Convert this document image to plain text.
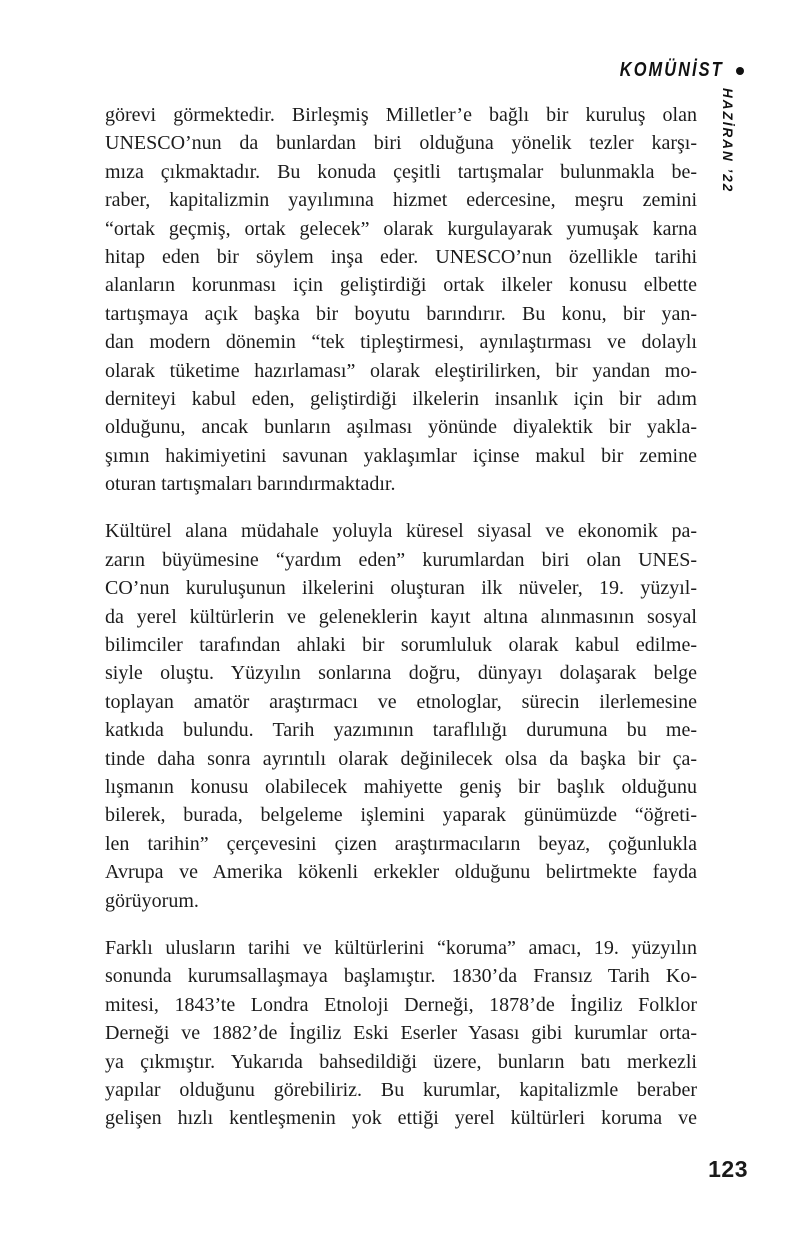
KOMÜNİST
HAZİRAN ’22
görevi görmektedir. Birleşmiş Milletler’e bağlı bir kuruluş olan
UNESCO’nun da bunlardan biri olduğuna yönelik tezler karşı-
mıza çıkmaktadır. Bu konuda çeşitli tartışmalar bulunmakla be-
raber, kapitalizmin yayılımına hizmet edercesine, meşru zemini
“ortak geçmiş, ortak gelecek” olarak kurgulayarak yumuşak karna
hitap eden bir söylem inşa eder. UNESCO’nun özellikle tarihi
alanların korunması için geliştirdiği ortak ilkeler konusu elbette
tartışmaya açık başka bir boyutu barındırır. Bu konu, bir yan-
dan modern dönemin “tek tipleştirmesi, aynılaştırması ve dolaylı
olarak tüketime hazırlaması” olarak eleştirilirken, bir yandan mo-
derniteyi kabul eden, geliştirdiği ilkelerin insanlık için bir adım
olduğunu, ancak bunların aşılması yönünde diyalektik bir yakla-
şımın hakimiyetini savunan yaklaşımlar içinse makul bir zemine
oturan tartışmaları barındırmaktadır.
Kültürel alana müdahale yoluyla küresel siyasal ve ekonomik pa-
zarın büyümesine “yardım eden” kurumlardan biri olan UNES-
CO’nun kuruluşunun ilkelerini oluşturan ilk nüveler, 19. yüzyıl-
da yerel kültürlerin ve geleneklerin kayıt altına alınmasının sosyal
bilimciler tarafından ahlaki bir sorumluluk olarak kabul edilme-
siyle oluştu. Yüzyılın sonlarına doğru, dünyayı dolaşarak belge
toplayan amatör araştırmacı ve etnologlar, sürecin ilerlemesine
katkıda bulundu. Tarih yazımının taraflılığı durumuna bu me-
tinde daha sonra ayrıntılı olarak değinilecek olsa da başka bir ça-
lışmanın konusu olabilecek mahiyette geniş bir başlık olduğunu
bilerek, burada, belgeleme işlemini yaparak günümüzde “öğreti-
len tarihin” çerçevesini çizen araştırmacıların beyaz, çoğunlukla
Avrupa ve Amerika kökenli erkekler olduğunu belirtmekte fayda
görüyorum.
Farklı ulusların tarihi ve kültürlerini “koruma” amacı, 19. yüzyılın
sonunda kurumsallaşmaya başlamıştır. 1830’da Fransız Tarih Ko-
mitesi, 1843’te Londra Etnoloji Derneği, 1878’de İngiliz Folklor
Derneği ve 1882’de İngiliz Eski Eserler Yasası gibi kurumlar orta-
ya çıkmıştır. Yukarıda bahsedildiği üzere, bunların batı merkezli
yapılar olduğunu görebiliriz. Bu kurumlar, kapitalizmle beraber
gelişen hızlı kentleşmenin yok ettiği yerel kültürleri koruma ve
123
